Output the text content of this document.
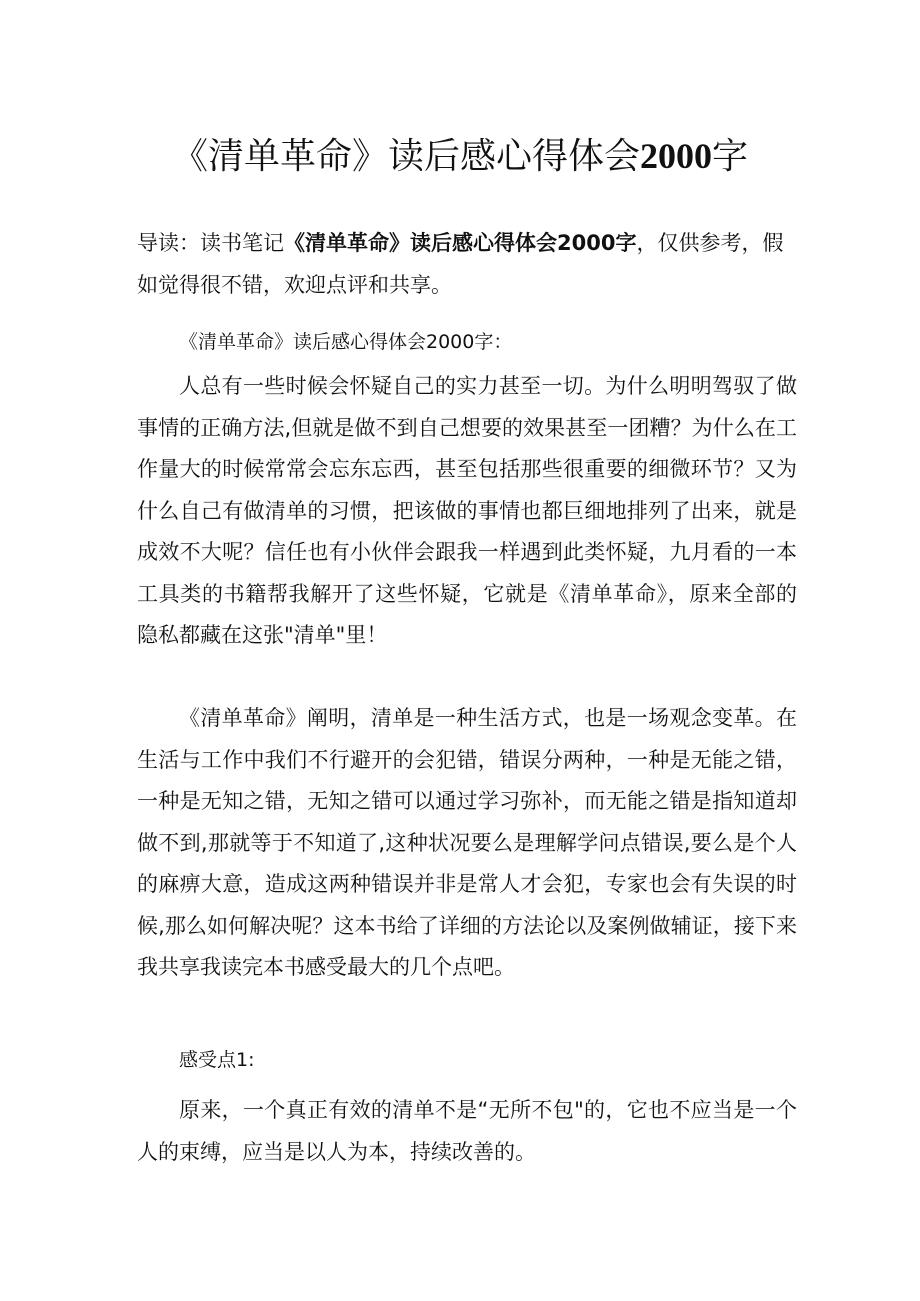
《清单革命》读后感心得体会2000字

导读：读书笔记《清单革命》读后感心得体会2000字，仅供参考，假如觉得很不错，欢迎点评和共享。

《清单革命》读后感心得体会2000字：

人总有一些时候会怀疑自己的实力甚至一切。为什么明明驾驭了做事情的正确方法,但就是做不到自己想要的效果甚至一团糟？为什么在工作量大的时候常常会忘东忘西，甚至包括那些很重要的细微环节？又为什么自己有做清单的习惯，把该做的事情也都巨细地排列了出来，就是成效不大呢？信任也有小伙伴会跟我一样遇到此类怀疑，九月看的一本工具类的书籍帮我解开了这些怀疑，它就是《清单革命》，原来全部的隐私都藏在这张"清单"里！

《清单革命》阐明，清单是一种生活方式，也是一场观念变革。在生活与工作中我们不行避开的会犯错，错误分两种，一种是无能之错，一种是无知之错，无知之错可以通过学习弥补，而无能之错是指知道却做不到,那就等于不知道了,这种状况要么是理解学问点错误,要么是个人的麻痹大意，造成这两种错误并非是常人才会犯，专家也会有失误的时候,那么如何解决呢？这本书给了详细的方法论以及案例做辅证，接下来我共享我读完本书感受最大的几个点吧。

感受点1:

原来，一个真正有效的清单不是“无所不包"的，它也不应当是一个人的束缚，应当是以人为本，持续改善的。
